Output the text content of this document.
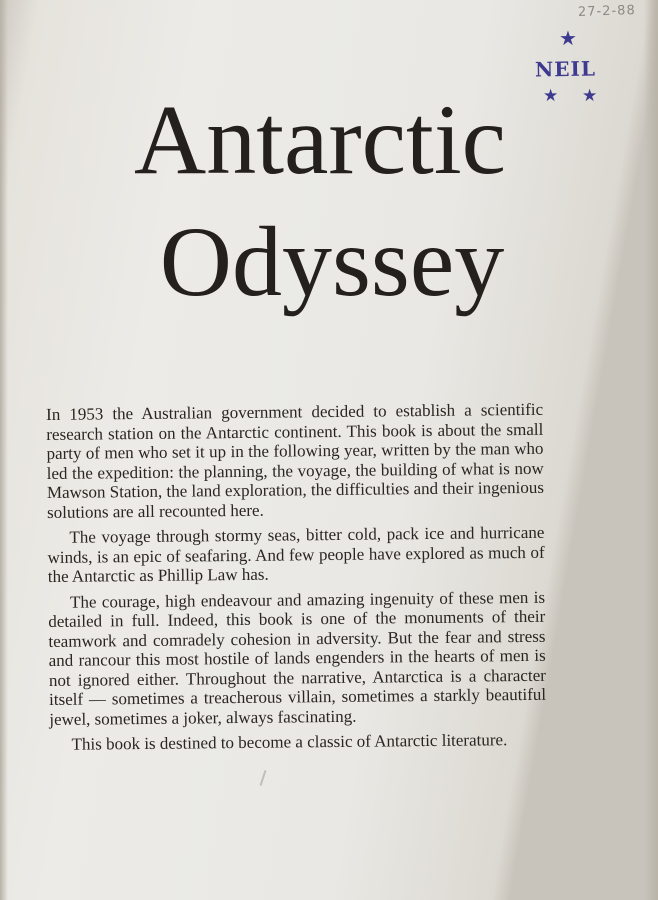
27-2-88
★
NEIL
★ ★
Antarctic
Odyssey

In 1953 the Australian government decided to establish a scientific research station on the Antarctic continent. This book is about the small party of men who set it up in the following year, written by the man who led the expedition: the planning, the voyage, the building of what is now Mawson Station, the land exploration, the difficulties and their ingenious solutions are all recounted here.

The voyage through stormy seas, bitter cold, pack ice and hurricane winds, is an epic of seafaring. And few people have explored as much of the Antarctic as Phillip Law has.

The courage, high endeavour and amazing ingenuity of these men is detailed in full. Indeed, this book is one of the monuments of their teamwork and comradely cohesion in adversity. But the fear and stress and rancour this most hostile of lands engenders in the hearts of men is not ignored either. Throughout the narrative, Antarctica is a character itself — sometimes a treacherous villain, sometimes a starkly beautiful jewel, sometimes a joker, always fascinating.

This book is destined to become a classic of Antarctic literature.
